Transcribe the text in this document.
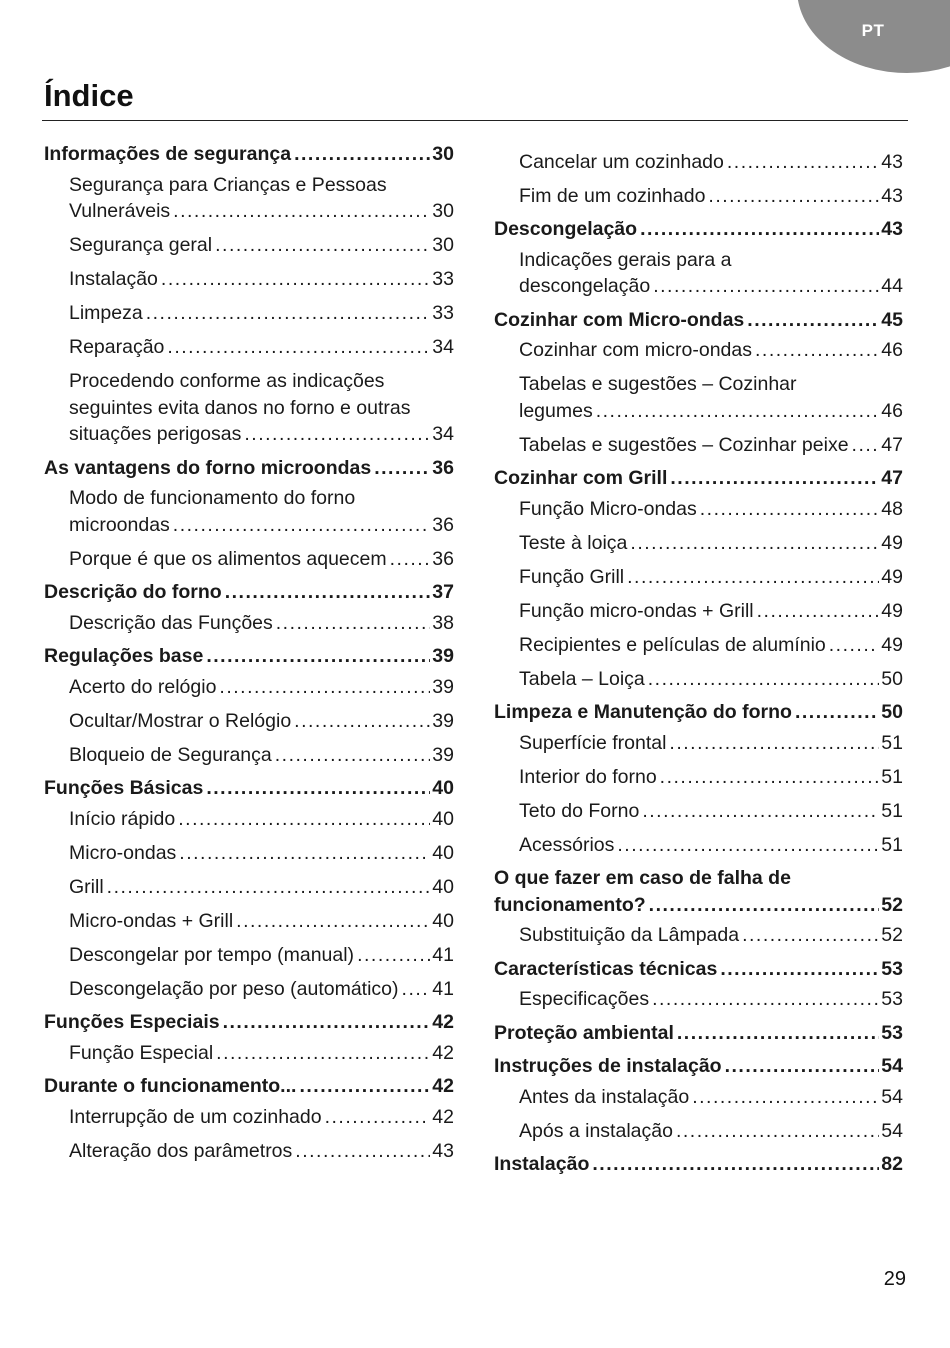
PT
Índice
Informações de segurança .....	30
Segurança para Crianças e Pessoas
Vulneráveis .....	30
Segurança geral .....	30
Instalação .....	33
Limpeza .....	33
Reparação .....	34
Procedendo conforme as indicações
seguintes evita danos no forno e outras
situações perigosas .....	34
As vantagens do forno microondas .....	36
Modo de funcionamento do forno
microondas .....	36
Porque é que os alimentos aquecem ..... 36
Descrição do forno .....	37
Descrição das Funções .....	38
Regulações base .....	39
Acerto do relógio .....	39
Ocultar/Mostrar o Relógio .....	39
Bloqueio de Segurança .....	39
Funções Básicas .....	40
Início rápido .....	40
Micro-ondas .....	40
Grill .....	40
Micro-ondas + Grill .....	40
Descongelar por tempo (manual) .....	41
Descongelação por peso (automático) ..... 41
Funções Especiais .....	42
Função Especial .....	42
Durante o funcionamento... .....	42
Interrupção de um cozinhado .....	42
Alteração dos parâmetros .....	43
Cancelar um cozinhado .....	43
Fim de um cozinhado .....	43
Descongelação .....	43
Indicações gerais para a
descongelação .....	44
Cozinhar com Micro-ondas .....	45
Cozinhar com micro-ondas .....	46
Tabelas e sugestões – Cozinhar
legumes .....	46
Tabelas e sugestões – Cozinhar peixe ..... 47
Cozinhar com Grill .....	47
Função Micro-ondas .....	48
Teste à loiça .....	49
Função Grill .....	49
Função micro-ondas + Grill .....	49
Recipientes e películas de alumínio .....	49
Tabela – Loiça .....	50
Limpeza e Manutenção do forno .....	50
Superfície frontal .....	51
Interior do forno .....	51
Teto do Forno .....	51
Acessórios .....	51
O que fazer em caso de falha de
funcionamento? .....	52
Substituição da Lâmpada .....	52
Características técnicas .....	53
Especificações .....	53
Proteção ambiental .....	53
Instruções de instalação .....	54
Antes da instalação .....	54
Após a instalação .....	54
Instalação .....	82
29
